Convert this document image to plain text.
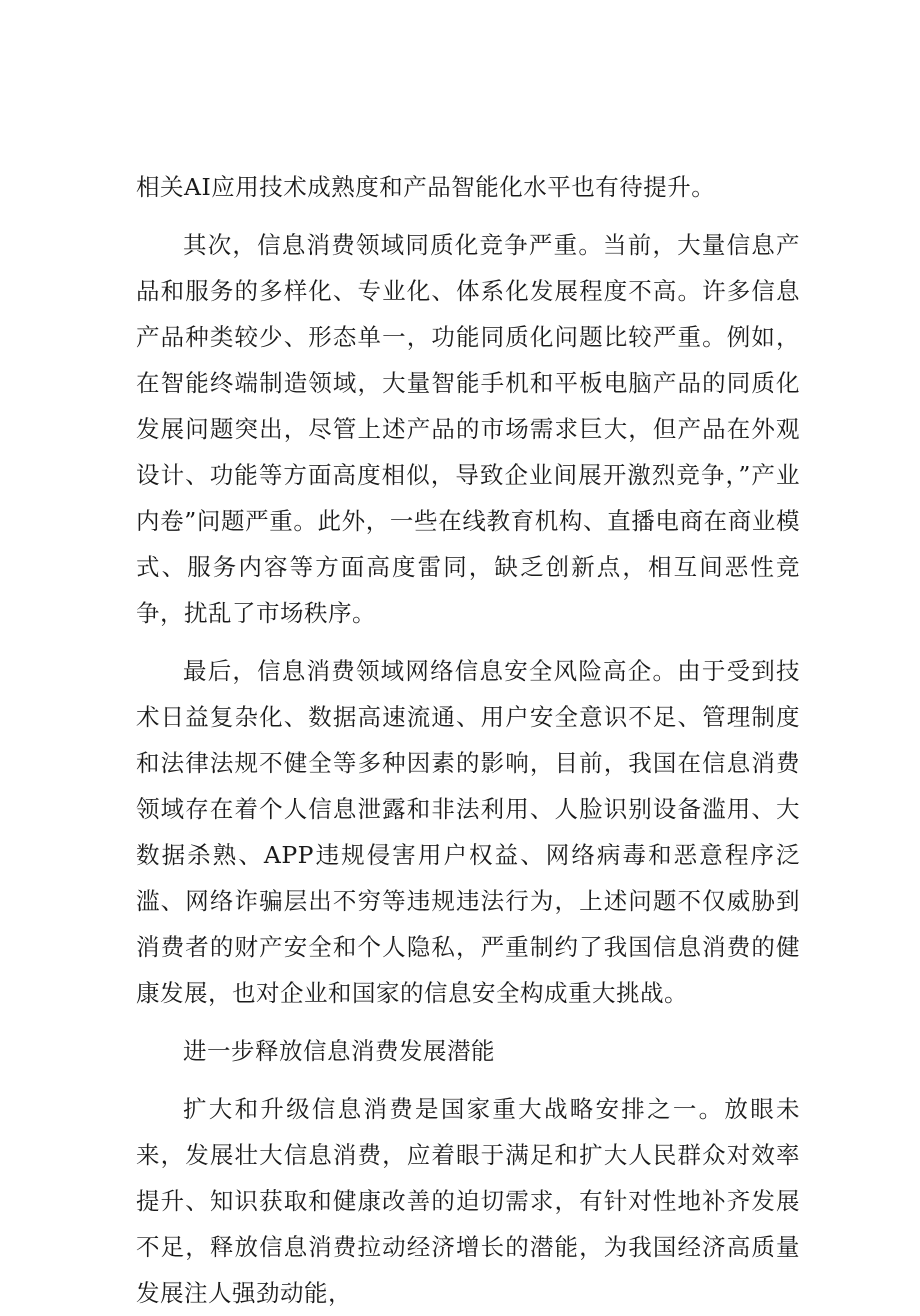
相关AI应用技术成熟度和产品智能化水平也有待提升。

其次，信息消费领域同质化竞争严重。当前，大量信息产品和服务的多样化、专业化、体系化发展程度不高。许多信息产品种类较少、形态单一，功能同质化问题比较严重。例如，在智能终端制造领域，大量智能手机和平板电脑产品的同质化发展问题突出，尽管上述产品的市场需求巨大，但产品在外观设计、功能等方面高度相似，导致企业间展开激烈竞争，”产业内卷”问题严重。此外，一些在线教育机构、直播电商在商业模式、服务内容等方面高度雷同，缺乏创新点，相互间恶性竞争，扰乱了市场秩序。

最后，信息消费领域网络信息安全风险高企。由于受到技术日益复杂化、数据高速流通、用户安全意识不足、管理制度和法律法规不健全等多种因素的影响，目前，我国在信息消费领域存在着个人信息泄露和非法利用、人脸识别设备滥用、大数据杀熟、APP违规侵害用户权益、网络病毒和恶意程序泛滥、网络诈骗层出不穷等违规违法行为，上述问题不仅威胁到消费者的财产安全和个人隐私，严重制约了我国信息消费的健康发展，也对企业和国家的信息安全构成重大挑战。

进一步释放信息消费发展潜能

扩大和升级信息消费是国家重大战略安排之一。放眼未来，发展壮大信息消费，应着眼于满足和扩大人民群众对效率提升、知识获取和健康改善的迫切需求，有针对性地补齐发展不足，释放信息消费拉动经济增长的潜能，为我国经济高质量发展注人强劲动能，
